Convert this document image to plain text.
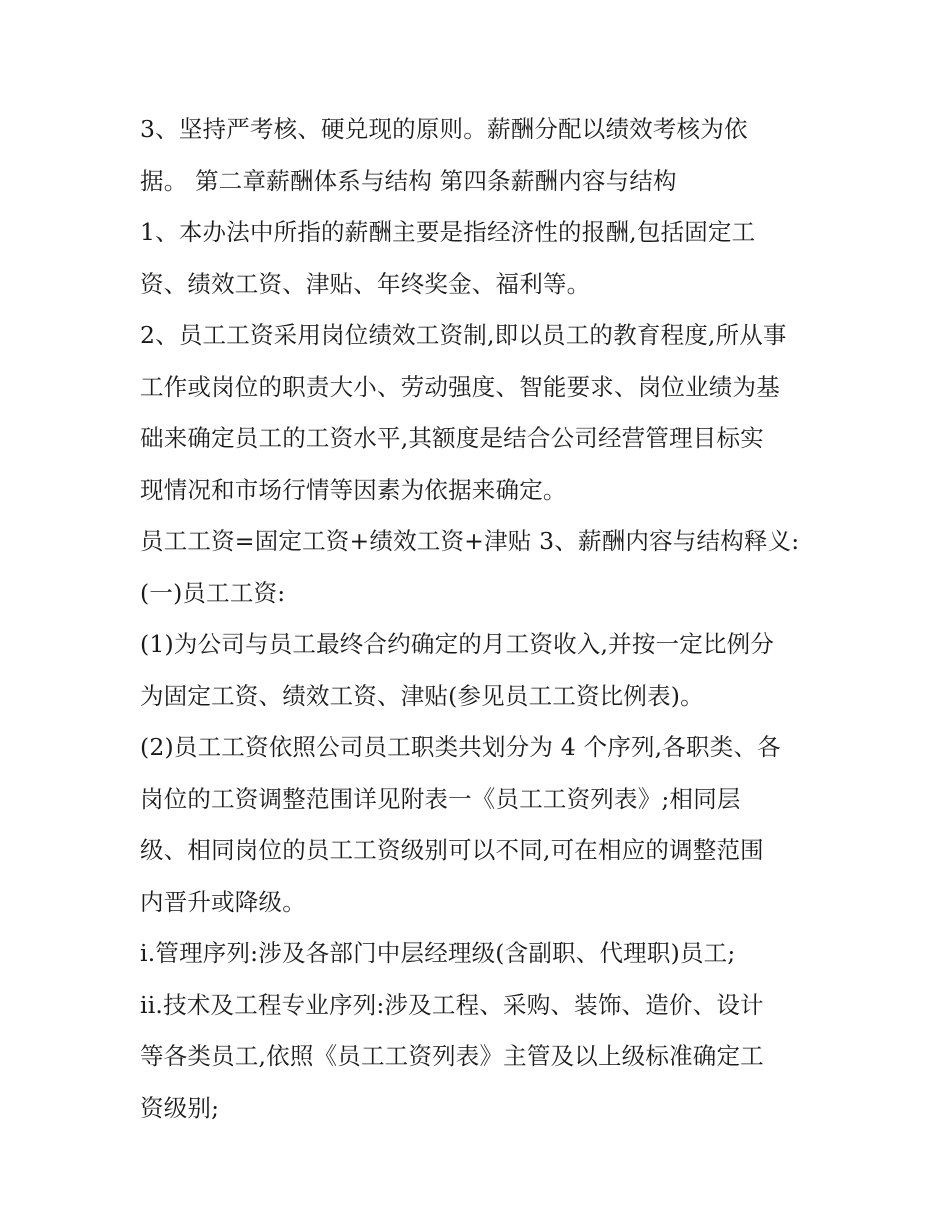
3、坚持严考核、硬兑现的原则。薪酬分配以绩效考核为依
据。 第二章薪酬体系与结构 第四条薪酬内容与结构
1、本办法中所指的薪酬主要是指经济性的报酬,包括固定工
资、绩效工资、津贴、年终奖金、福利等。
2、员工工资采用岗位绩效工资制,即以员工的教育程度,所从事
工作或岗位的职责大小、劳动强度、智能要求、岗位业绩为基
础来确定员工的工资水平,其额度是结合公司经营管理目标实
现情况和市场行情等因素为依据来确定。
员工工资=固定工资+绩效工资+津贴 3、薪酬内容与结构释义:
(一)员工工资:
(1)为公司与员工最终合约确定的月工资收入,并按一定比例分
为固定工资、绩效工资、津贴(参见员工工资比例表)。
(2)员工工资依照公司员工职类共划分为 4 个序列,各职类、各
岗位的工资调整范围详见附表一《员工工资列表》;相同层
级、相同岗位的员工工资级别可以不同,可在相应的调整范围
内晋升或降级。
i.管理序列:涉及各部门中层经理级(含副职、代理职)员工;
ii.技术及工程专业序列:涉及工程、采购、装饰、造价、设计
等各类员工,依照《员工工资列表》主管及以上级标准确定工
资级别;
